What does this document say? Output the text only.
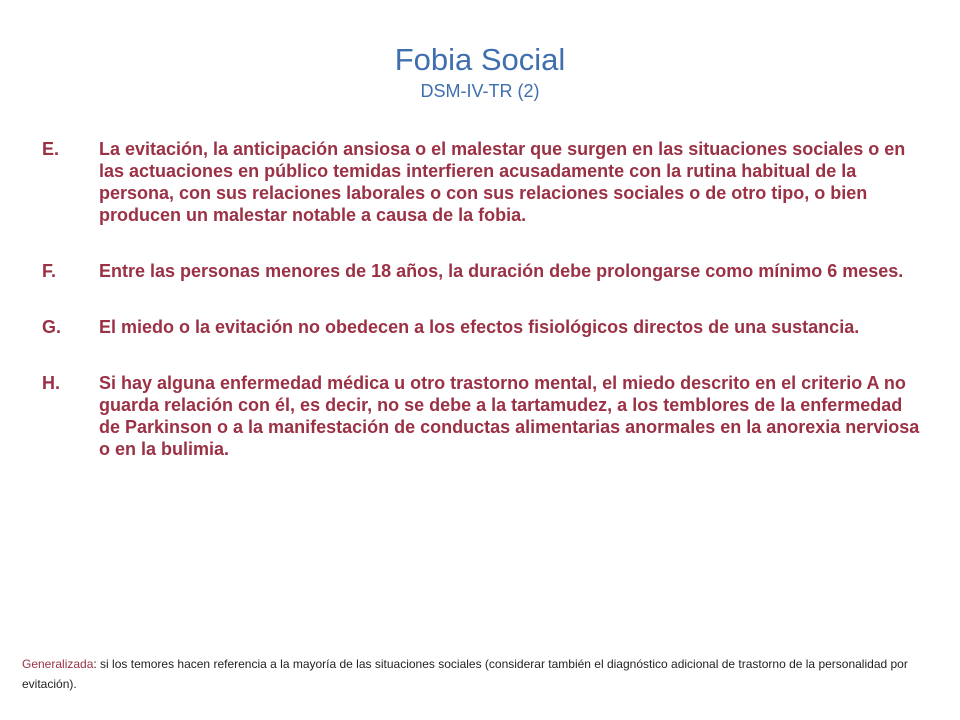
Fobia Social
DSM-IV-TR (2)
E.	La evitación, la anticipación ansiosa o el malestar que surgen en las situaciones sociales o en las actuaciones en público temidas interfieren acusadamente con la rutina habitual de la persona, con sus relaciones laborales o con sus relaciones sociales o de otro tipo, o bien producen un malestar notable a causa de la fobia.
F.	Entre las personas menores de 18 años, la duración debe prolongarse como mínimo 6 meses.
G.	El miedo o la evitación no obedecen a los efectos fisiológicos directos de una sustancia.
H.	Si hay alguna enfermedad médica u otro trastorno mental, el miedo descrito en el criterio A no guarda relación con él, es decir, no se debe a la tartamudez, a los temblores de la enfermedad de Parkinson o a la manifestación de conductas alimentarias anormales en la anorexia nerviosa o en la bulimia.
Generalizada: si los temores hacen referencia a la mayoría de las situaciones sociales (considerar también el diagnóstico adicional de trastorno de la personalidad por evitación).
